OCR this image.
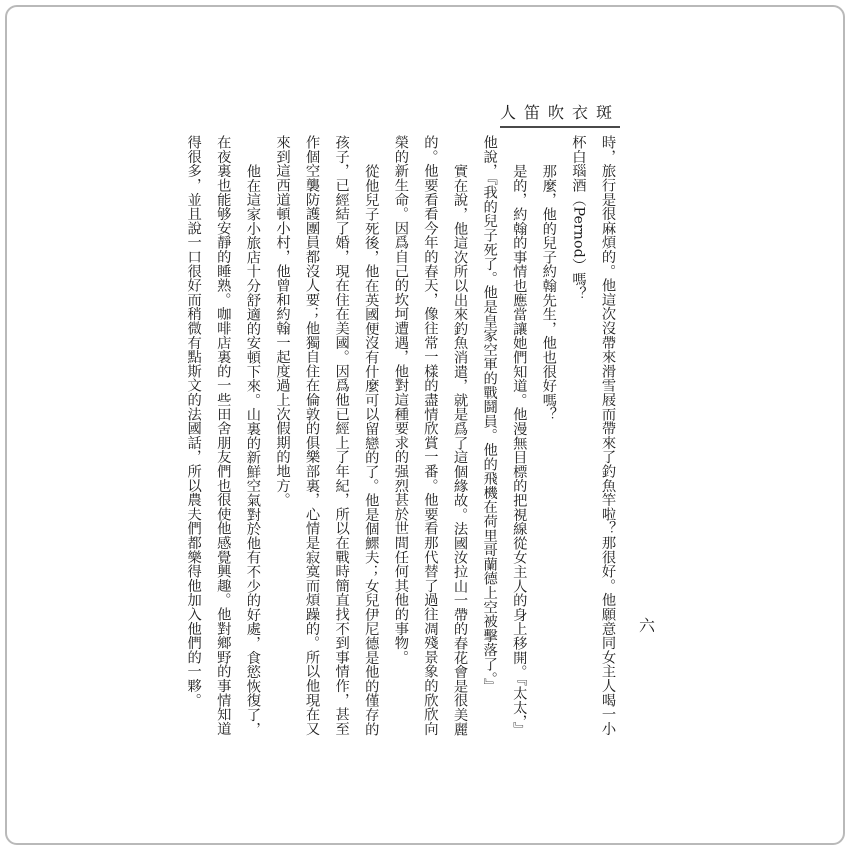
人笛吹衣斑
六

時，旅行是很麻煩的。他這次沒帶來滑雪屐而帶來了釣魚竿啦？那很好。他願意同女主人喝一小杯白瑙酒（Pernod）嗎？

那麼，他的兒子約翰先生，他也很好嗎？

是的，約翰的事情也應當讓她們知道。他漫無目標的把視線從女主人的身上移開。『太太，』他說，『我的兒子死了。他是皇家空軍的戰鬪員。他的飛機在荷里哥蘭德上空被擊落了。』

實在說，他這次所以出來釣魚消遣，就是爲了這個緣故。法國汝拉山一帶的春花會是很美麗的。他要看看今年的春天，像往常一樣的盡情欣賞一番。他要看那代替了過往凋殘景象的欣欣向榮的新生命。因爲自己的坎坷遭遇，他對這種要求的强烈甚於世間任何其他的事物。

從他兒子死後，他在英國便沒有什麼可以留戀的了。他是個鰥夫；女兒伊尼德是他的僅存的孩子，已經結了婚，現在住在美國。因爲他已經上了年紀，所以在戰時簡直找不到事情作，甚至作個空襲防護團員都沒人要；他獨自住在倫敦的俱樂部裏，心情是寂寞而煩躁的。所以他現在又來到這西道頓小村，他曾和約翰一起度過上次假期的地方。

他在這家小旅店十分舒適的安頓下來。山裏的新鮮空氣對於他有不少的好處，食慾恢復了，在夜裏也能够安靜的睡熟。咖啡店裏的一些田舍朋友們也很使他感覺興趣。他對鄉野的事情知道得很多，並且說一口很好而稍微有點斯文的法國話，所以農夫們都樂得他加入他們的一夥。
